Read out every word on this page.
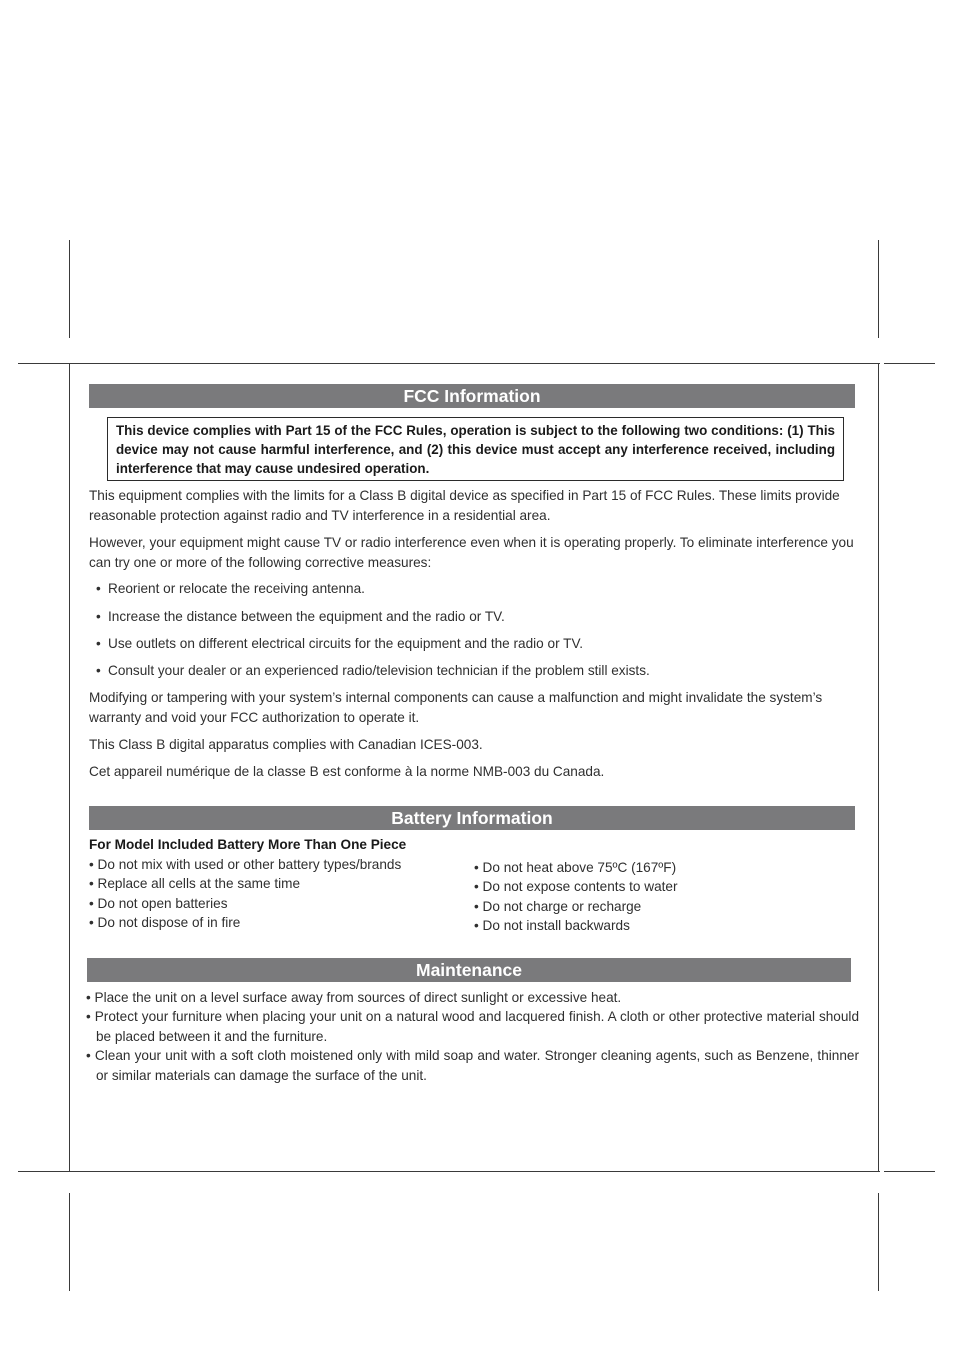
FCC Information
This device complies with Part 15 of the FCC Rules, operation is subject to the following two conditions: (1) This device may not cause harmful interference, and (2) this device must accept any interference received, including interference that may cause undesired operation.
This equipment complies with the limits for a Class B digital device as specified in Part 15 of FCC Rules. These limits provide reasonable protection against radio and TV interference in a residential area.
However, your equipment might cause TV or radio interference even when it is operating properly. To eliminate interference you can try one or more of the following corrective measures:
• Reorient or relocate the receiving antenna.
• Increase the distance between the equipment and the radio or TV.
• Use outlets on different electrical circuits for the equipment and the radio or TV.
• Consult your dealer or an experienced radio/television technician if the problem still exists.
Modifying or tampering with your system’s internal components can cause a malfunction and might invalidate the system’s warranty and void your FCC authorization to operate it.
This Class B digital apparatus complies with Canadian ICES-003.
Cet appareil numérique de la classe B est conforme à la norme NMB-003 du Canada.
Battery Information
For Model Included Battery More Than One Piece
• Do not mix with used or other battery types/brands
• Replace all cells at the same time
• Do not open batteries
• Do not dispose of in fire
• Do not heat above 75ºC (167ºF)
• Do not expose contents to water
• Do not charge or recharge
• Do not install backwards
Maintenance
• Place the unit on a level surface away from sources of direct sunlight or excessive heat.
• Protect your furniture when placing your unit on a natural wood and lacquered finish. A cloth or other protective material should be placed between it and the furniture.
• Clean your unit with a soft cloth moistened only with mild soap and water. Stronger cleaning agents, such as Benzene, thinner or similar materials can damage the surface of the unit.
